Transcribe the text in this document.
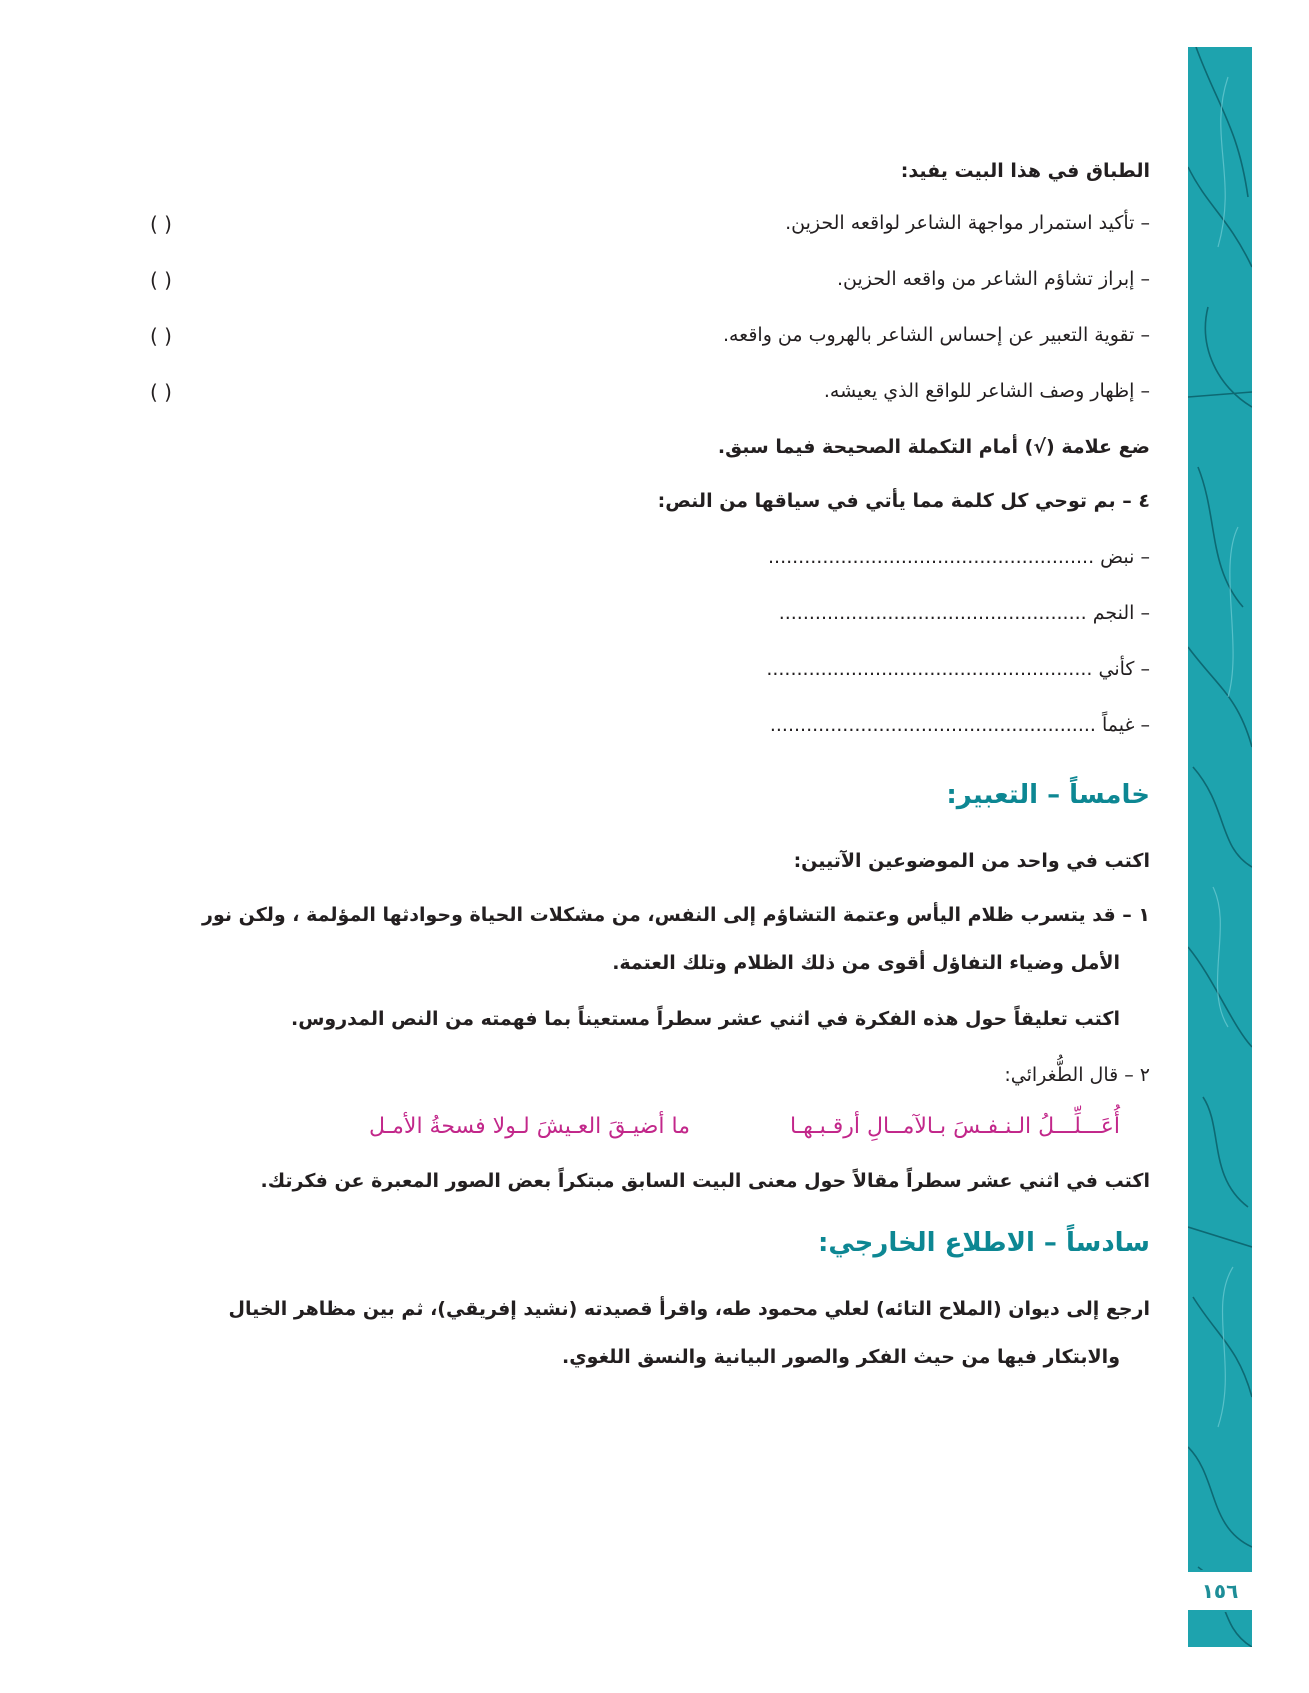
١٥٦
الطباق في هذا البيت يفيد:
– تأكيد استمرار مواجهة الشاعر لواقعه الحزين.
( )
– إبراز تشاؤم الشاعر من واقعه الحزين.
( )
– تقوية التعبير عن إحساس الشاعر بالهروب من واقعه.
( )
– إظهار وصف الشاعر للواقع الذي يعيشه.
( )
ضع علامة (√) أمام التكملة الصحيحة فيما سبق.
٤ – بم توحي كل كلمة مما يأتي في سياقها من النص:
– نبض ......................................................
– النجم ...................................................
– كأني ......................................................
– غيماً ......................................................
خامساً – التعبير:
اكتب في واحد من الموضوعين الآتيين:
١ – قد يتسرب ظلام اليأس وعتمة التشاؤم إلى النفس، من مشكلات الحياة وحوادثها المؤلمة ، ولكن نور
الأمل وضياء التفاؤل أقوى من ذلك الظلام وتلك العتمة.
اكتب تعليقاً حول هذه الفكرة في اثني عشر سطراً مستعيناً بما فهمته من النص المدروس.
٢ – قال الطُّغرائي:
أُعَـــلِّـــلُ الـنـفـسَ بـالآمــالِ أرقـبـهـا
ما أضيـقَ العـيشَ لـولا فسحةُ الأمـل
اكتب في اثني عشر سطراً مقالاً حول معنى البيت السابق مبتكراً بعض الصور المعبرة عن فكرتك.
سادساً – الاطلاع الخارجي:
ارجع إلى ديوان (الملاح التائه) لعلي محمود طه، واقرأ قصيدته (نشيد إفريقي)، ثم بين مظاهر الخيال
والابتكار فيها من حيث الفكر والصور البيانية والنسق اللغوي.
